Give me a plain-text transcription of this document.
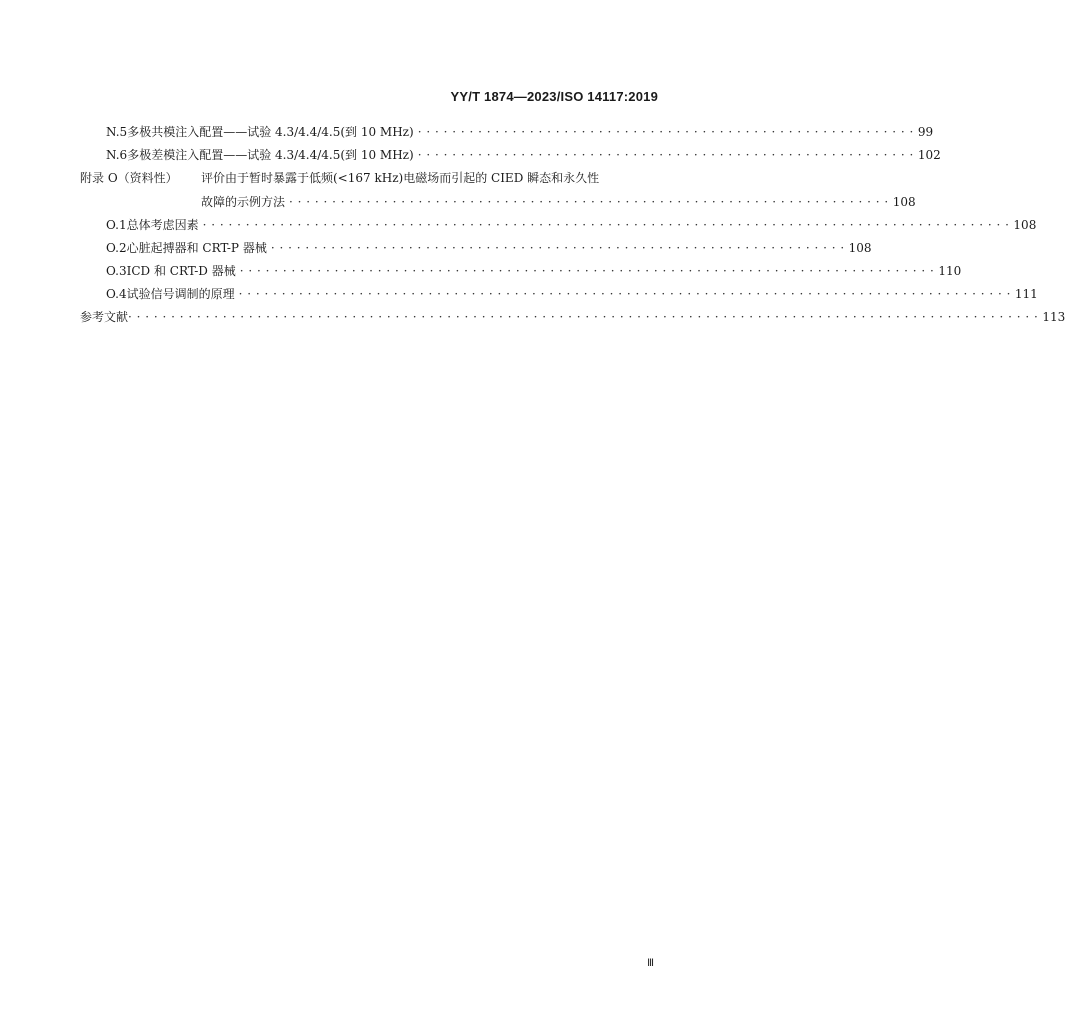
YY/T 1874—2023/ISO 14117:2019
N.5 多极共模注入配置——试验 4.3/4.4/4.5(到 10 MHz) · · · · · · · · · · · · · · · · · · · · · · · · · · · · · · · · · · · · · · · · · · · · · · · · · · · · · · · · · · 99
N.6 多极差模注入配置——试验 4.3/4.4/4.5(到 10 MHz) · · · · · · · · · · · · · · · · · · · · · · · · · · · · · · · · · · · · · · · · · · · · · · · · · · · · · · · · · · 102
附录 O（资料性）	评价由于暂时暴露于低频(<167 kHz)电磁场而引起的 CIED 瞬态和永久性
故障的示例方法 · · · · · · · · · · · · · · · · · · · · · · · · · · · · · · · · · · · · · · · · · · · · · · · · · · · · · · · · · · · · · · · · · · · · · · 108
O.1 总体考虑因素 · · · · · · · · · · · · · · · · · · · · · · · · · · · · · · · · · · · · · · · · · · · · · · · · · · · · · · · · · · · · · · · · · · · · · · · · · · · · · · · · · · · · · · · · · · · · · · 108
O.2 心脏起搏器和 CRT-P 器械 · · · · · · · · · · · · · · · · · · · · · · · · · · · · · · · · · · · · · · · · · · · · · · · · · · · · · · · · · · · · · · · · · · · 108
O.3 ICD 和 CRT-D 器械 · · · · · · · · · · · · · · · · · · · · · · · · · · · · · · · · · · · · · · · · · · · · · · · · · · · · · · · · · · · · · · · · · · · · · · · · · · · · · · · · · 110
O.4 试验信号调制的原理 · · · · · · · · · · · · · · · · · · · · · · · · · · · · · · · · · · · · · · · · · · · · · · · · · · · · · · · · · · · · · · · · · · · · · · · · · · · · · · · · · · · · · · · · · · 111
参考文献 · · · · · · · · · · · · · · · · · · · · · · · · · · · · · · · · · · · · · · · · · · · · · · · · · · · · · · · · · · · · · · · · · · · · · · · · · · · · · · · · · · · · · · · · · · · · · · · · · · · · · · · · · · 113
Ⅲ
